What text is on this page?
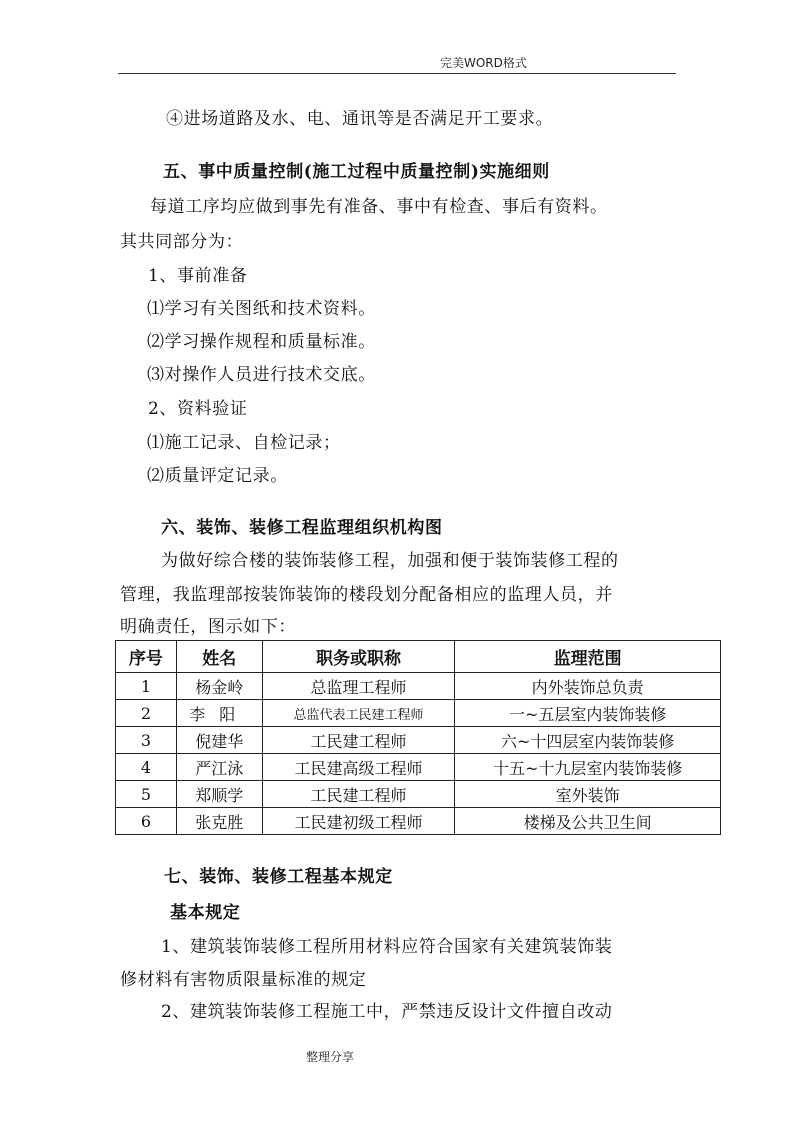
完美WORD格式
④进场道路及水、电、通讯等是否满足开工要求。
五、事中质量控制(施工过程中质量控制)实施细则
每道工序均应做到事先有准备、事中有检查、事后有资料。
其共同部分为：
1、事前准备
⑴学习有关图纸和技术资料。
⑵学习操作规程和质量标准。
⑶对操作人员进行技术交底。
2、资料验证
⑴施工记录、自检记录；
⑵质量评定记录。
六、装饰、装修工程监理组织机构图
为做好综合楼的装饰装修工程，加强和便于装饰装修工程的
管理，我监理部按装饰装饰的楼段划分配备相应的监理人员，并
明确责任，图示如下：
序号	姓名	职务或职称	监理范围
1	杨金岭	总监理工程师	内外装饰总负责
2	李阳	总监代表工民建工程师	一~五层室内装饰装修
3	倪建华	工民建工程师	六~十四层室内装饰装修
4	严江泳	工民建高级工程师	十五~十九层室内装饰装修
5	郑顺学	工民建工程师	室外装饰
6	张克胜	工民建初级工程师	楼梯及公共卫生间
七、装饰、装修工程基本规定
基本规定
1、建筑装饰装修工程所用材料应符合国家有关建筑装饰装
修材料有害物质限量标准的规定
2、建筑装饰装修工程施工中，严禁违反设计文件擅自改动
整理分享
